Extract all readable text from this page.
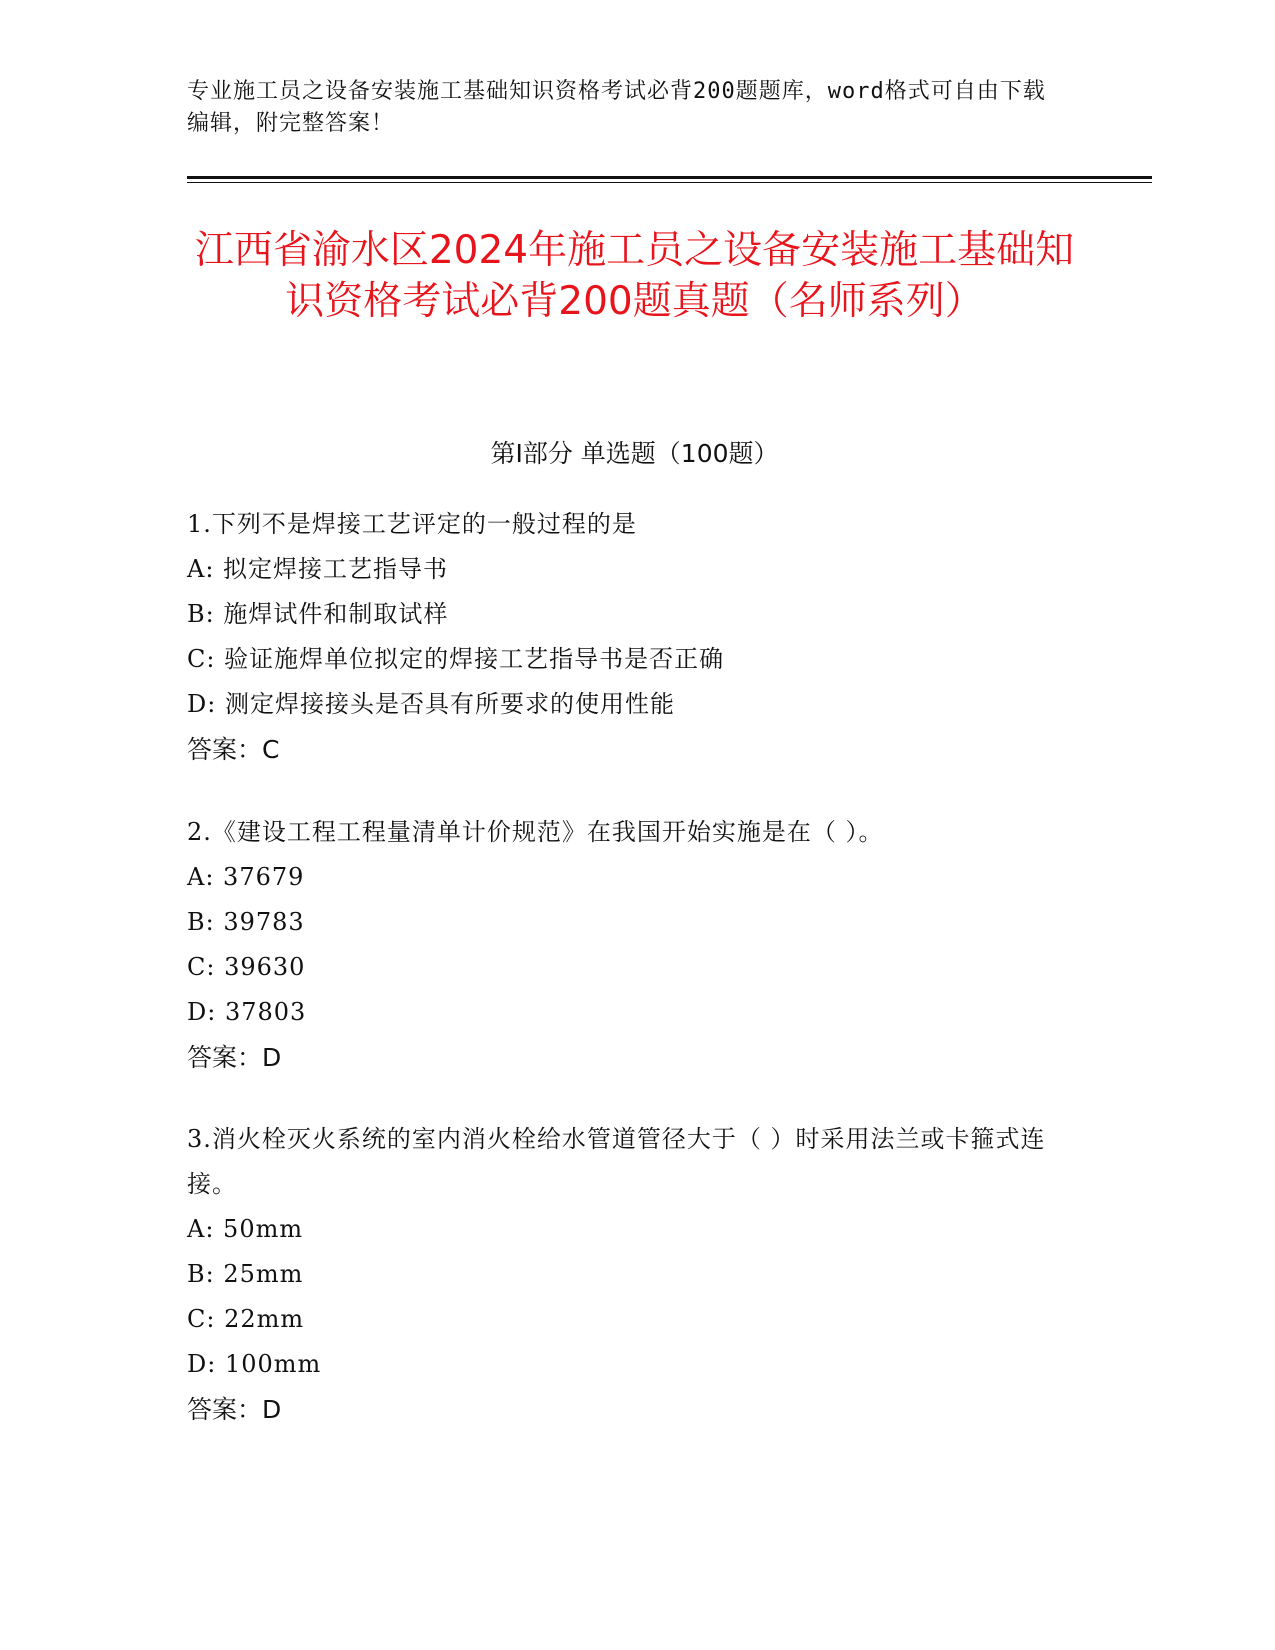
专业施工员之设备安装施工基础知识资格考试必背200题题库，word格式可自由下载编辑，附完整答案！
江西省渝水区2024年施工员之设备安装施工基础知识资格考试必背200题真题（名师系列）
第I部分 单选题（100题）
1.下列不是焊接工艺评定的一般过程的是
A: 拟定焊接工艺指导书
B: 施焊试件和制取试样
C: 验证施焊单位拟定的焊接工艺指导书是否正确
D: 测定焊接接头是否具有所要求的使用性能
答案：C
2.《建设工程工程量清单计价规范》在我国开始实施是在（ ）。
A: 37679
B: 39783
C: 39630
D: 37803
答案：D
3.消火栓灭火系统的室内消火栓给水管道管径大于（ ）时采用法兰或卡箍式连接。
A: 50mm
B: 25mm
C: 22mm
D: 100mm
答案：D
